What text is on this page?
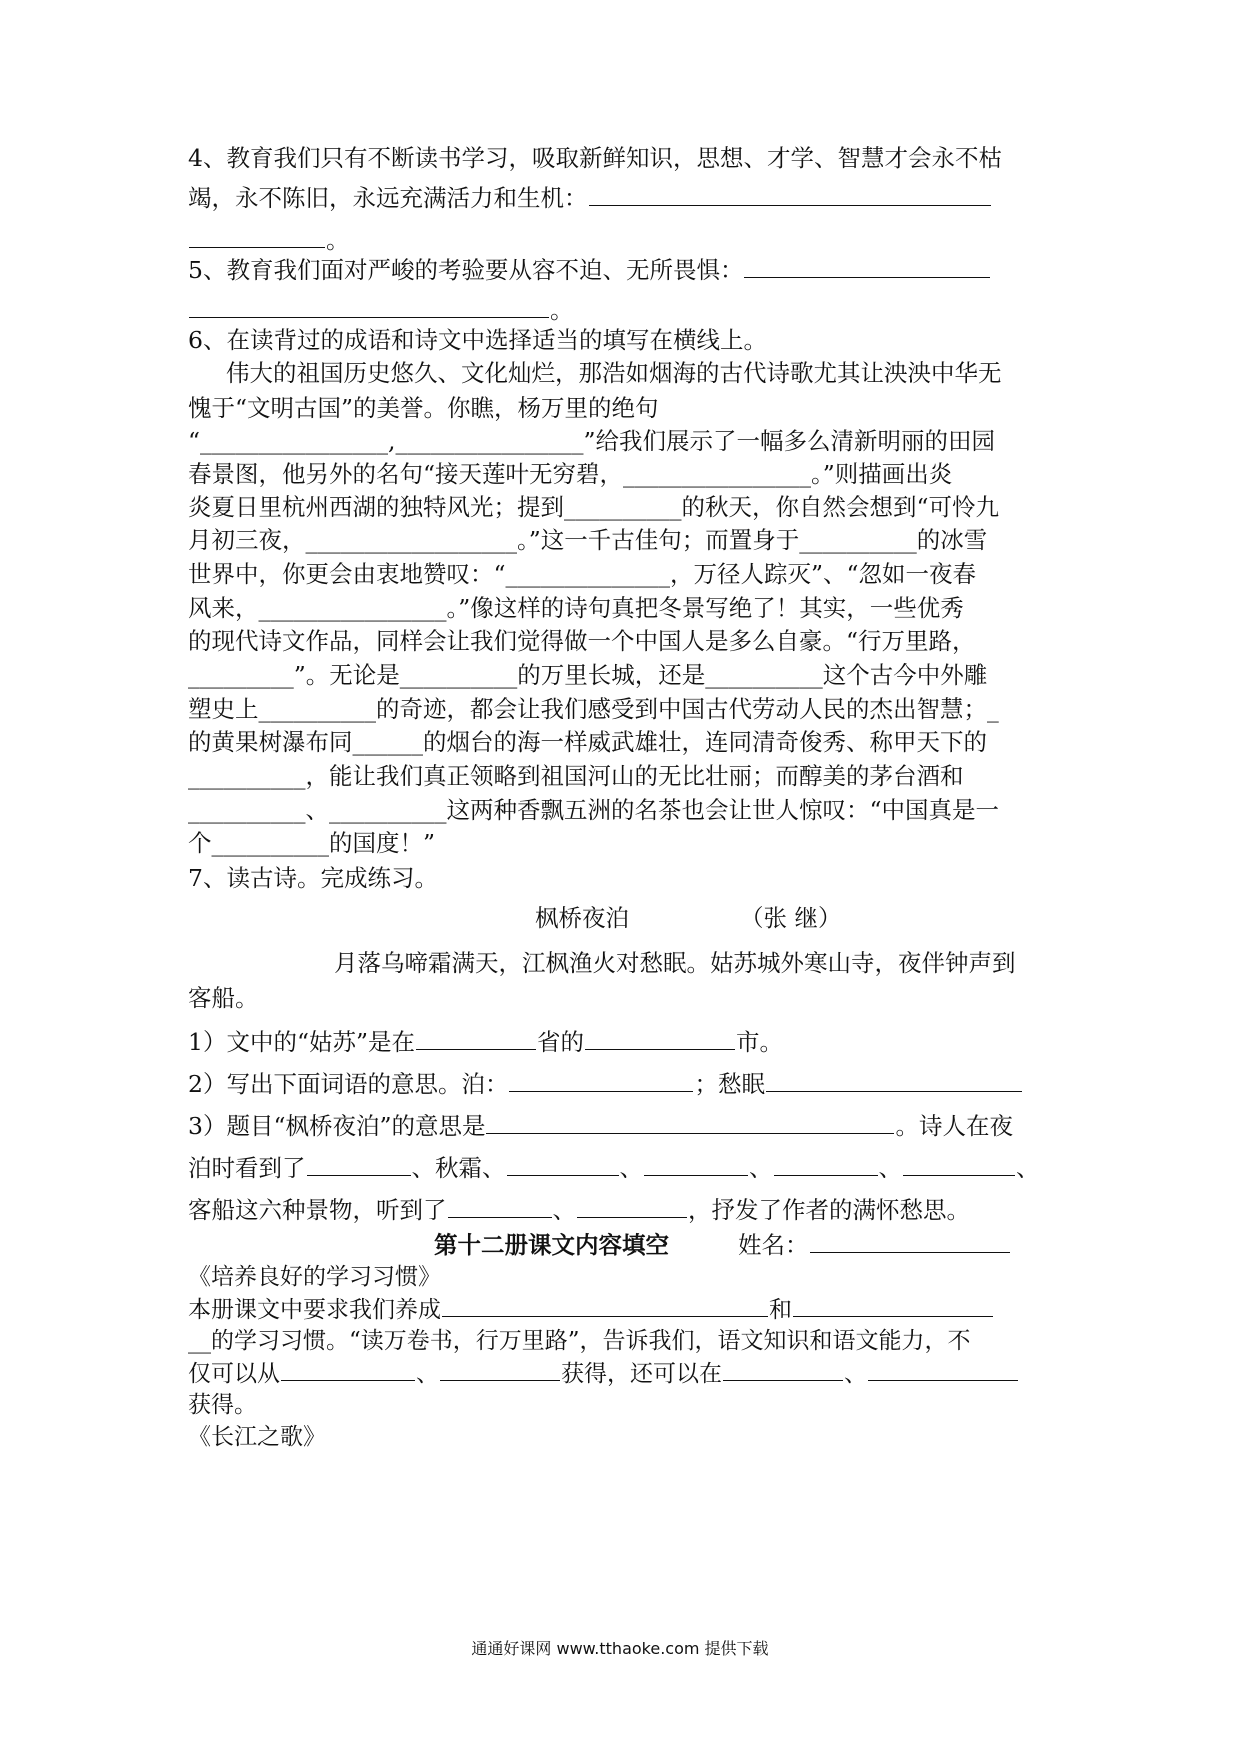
4、教育我们只有不断读书学习，吸取新鲜知识，思想、才学、智慧才会永不枯
竭，永不陈旧，永远充满活力和生机：
。
5、教育我们面对严峻的考验要从容不迫、无所畏惧：
。
6、在读背过的成语和诗文中选择适当的填写在横线上。
伟大的祖国历史悠久、文化灿烂，那浩如烟海的古代诗歌尤其让泱泱中华无
愧于“文明古国”的美誉。你瞧，杨万里的绝句
“________________,________________”给我们展示了一幅多么清新明丽的田园
春景图，他另外的名句“接天莲叶无穷碧，________________。”则描画出炎
炎夏日里杭州西湖的独特风光；提到__________的秋天，你自然会想到“可怜九
月初三夜，__________________。”这一千古佳句；而置身于__________的冰雪
世界中，你更会由衷地赞叹：“______________，万径人踪灭”、“忽如一夜春
风来，________________。”像这样的诗句真把冬景写绝了！其实，一些优秀
的现代诗文作品，同样会让我们觉得做一个中国人是多么自豪。“行万里路，
_________”。无论是__________的万里长城，还是__________这个古今中外雕
塑史上__________的奇迹，都会让我们感受到中国古代劳动人民的杰出智慧；_
的黄果树瀑布同______的烟台的海一样威武雄壮，连同清奇俊秀、称甲天下的
__________，能让我们真正领略到祖国河山的无比壮丽；而醇美的茅台酒和
__________、__________这两种香飘五洲的名茶也会让世人惊叹：“中国真是一
个__________的国度！”
7、读古诗。完成练习。
枫桥夜泊	（张 继）
月落乌啼霜满天，江枫渔火对愁眠。姑苏城外寒山寺，夜伴钟声到
客船。
1）文中的“姑苏”是在	省的	市。
2）写出下面词语的意思。泊：	；愁眠
3）题目“枫桥夜泊”的意思是	。诗人在夜
泊时看到了	、秋霜、	、	、	、	、
客船这六种景物，听到了	、	，抒发了作者的满怀愁思。
第十二册课文内容填空	姓名：
《培养良好的学习习惯》
本册课文中要求我们养成	和
__的学习习惯。“读万卷书，行万里路”，告诉我们，语文知识和语文能力，不
仅可以从	、	获得，还可以在	、
获得。
《长江之歌》
通通好课网 www.tthaoke.com 提供下载
